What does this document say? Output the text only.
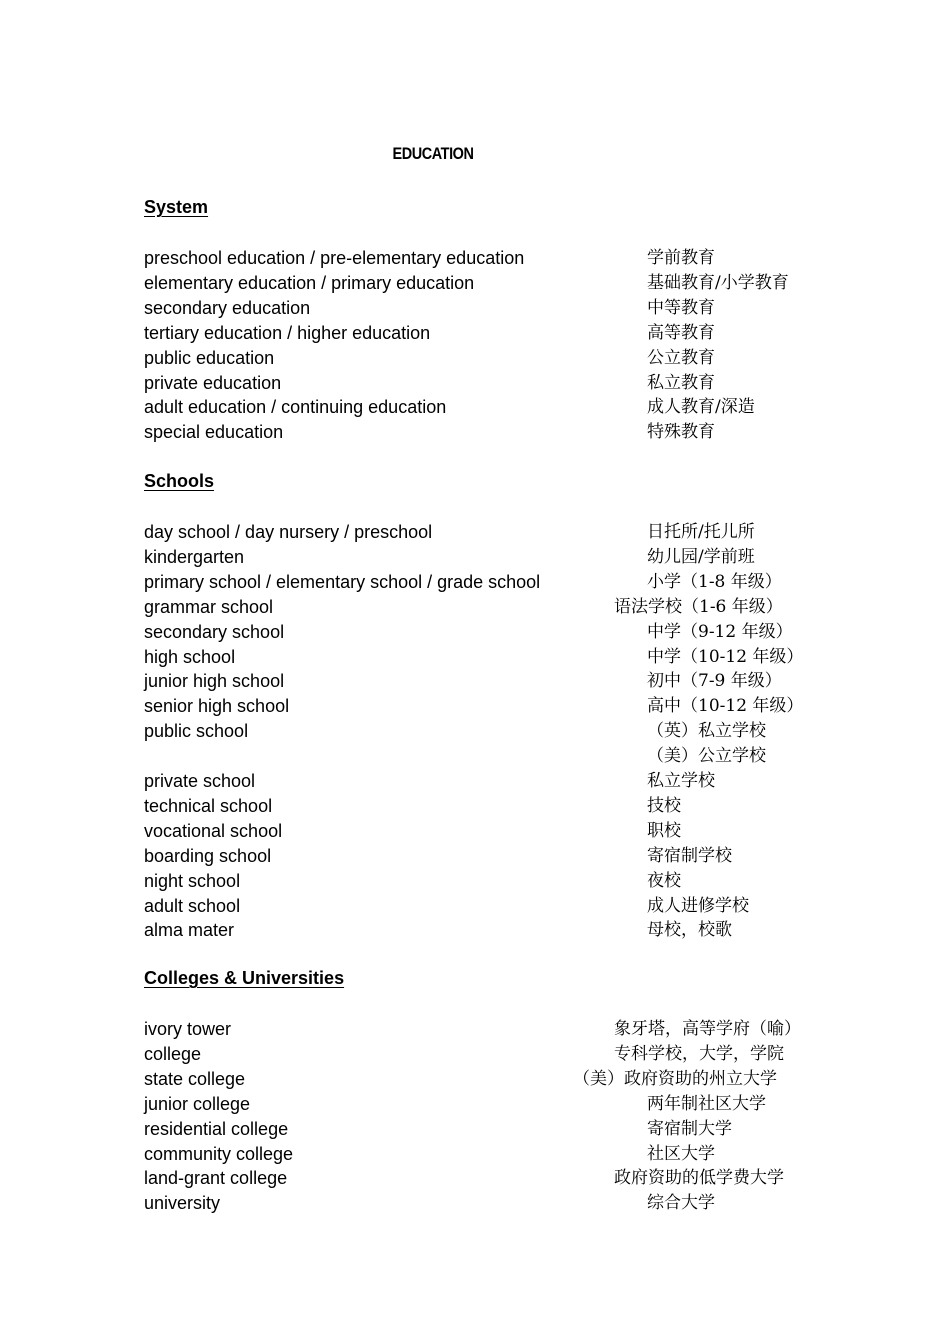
EDUCATION
System
preschool education / pre-elementary education	学前教育
elementary education / primary education	基础教育/小学教育
secondary education	中等教育
tertiary education / higher education	高等教育
public education	公立教育
private education	私立教育
adult education / continuing education	成人教育/深造
special education	特殊教育
Schools
day school / day nursery / preschool	日托所/托儿所
kindergarten	幼儿园/学前班
primary school / elementary school / grade school	小学（1-8 年级）
grammar school	语法学校（1-6 年级）
secondary school	中学（9-12 年级）
high school	中学（10-12 年级）
junior high school	初中（7-9 年级）
senior high school	高中（10-12 年级）
public school	（英）私立学校
（美）公立学校
private school	私立学校
technical school	技校
vocational school	职校
boarding school	寄宿制学校
night school	夜校
adult school	成人进修学校
alma mater	母校，校歌
Colleges & Universities
ivory tower	象牙塔，高等学府（喻）
college	专科学校，大学，学院
state college	（美）政府资助的州立大学
junior college	两年制社区大学
residential college	寄宿制大学
community college	社区大学
land-grant college	政府资助的低学费大学
university	综合大学
